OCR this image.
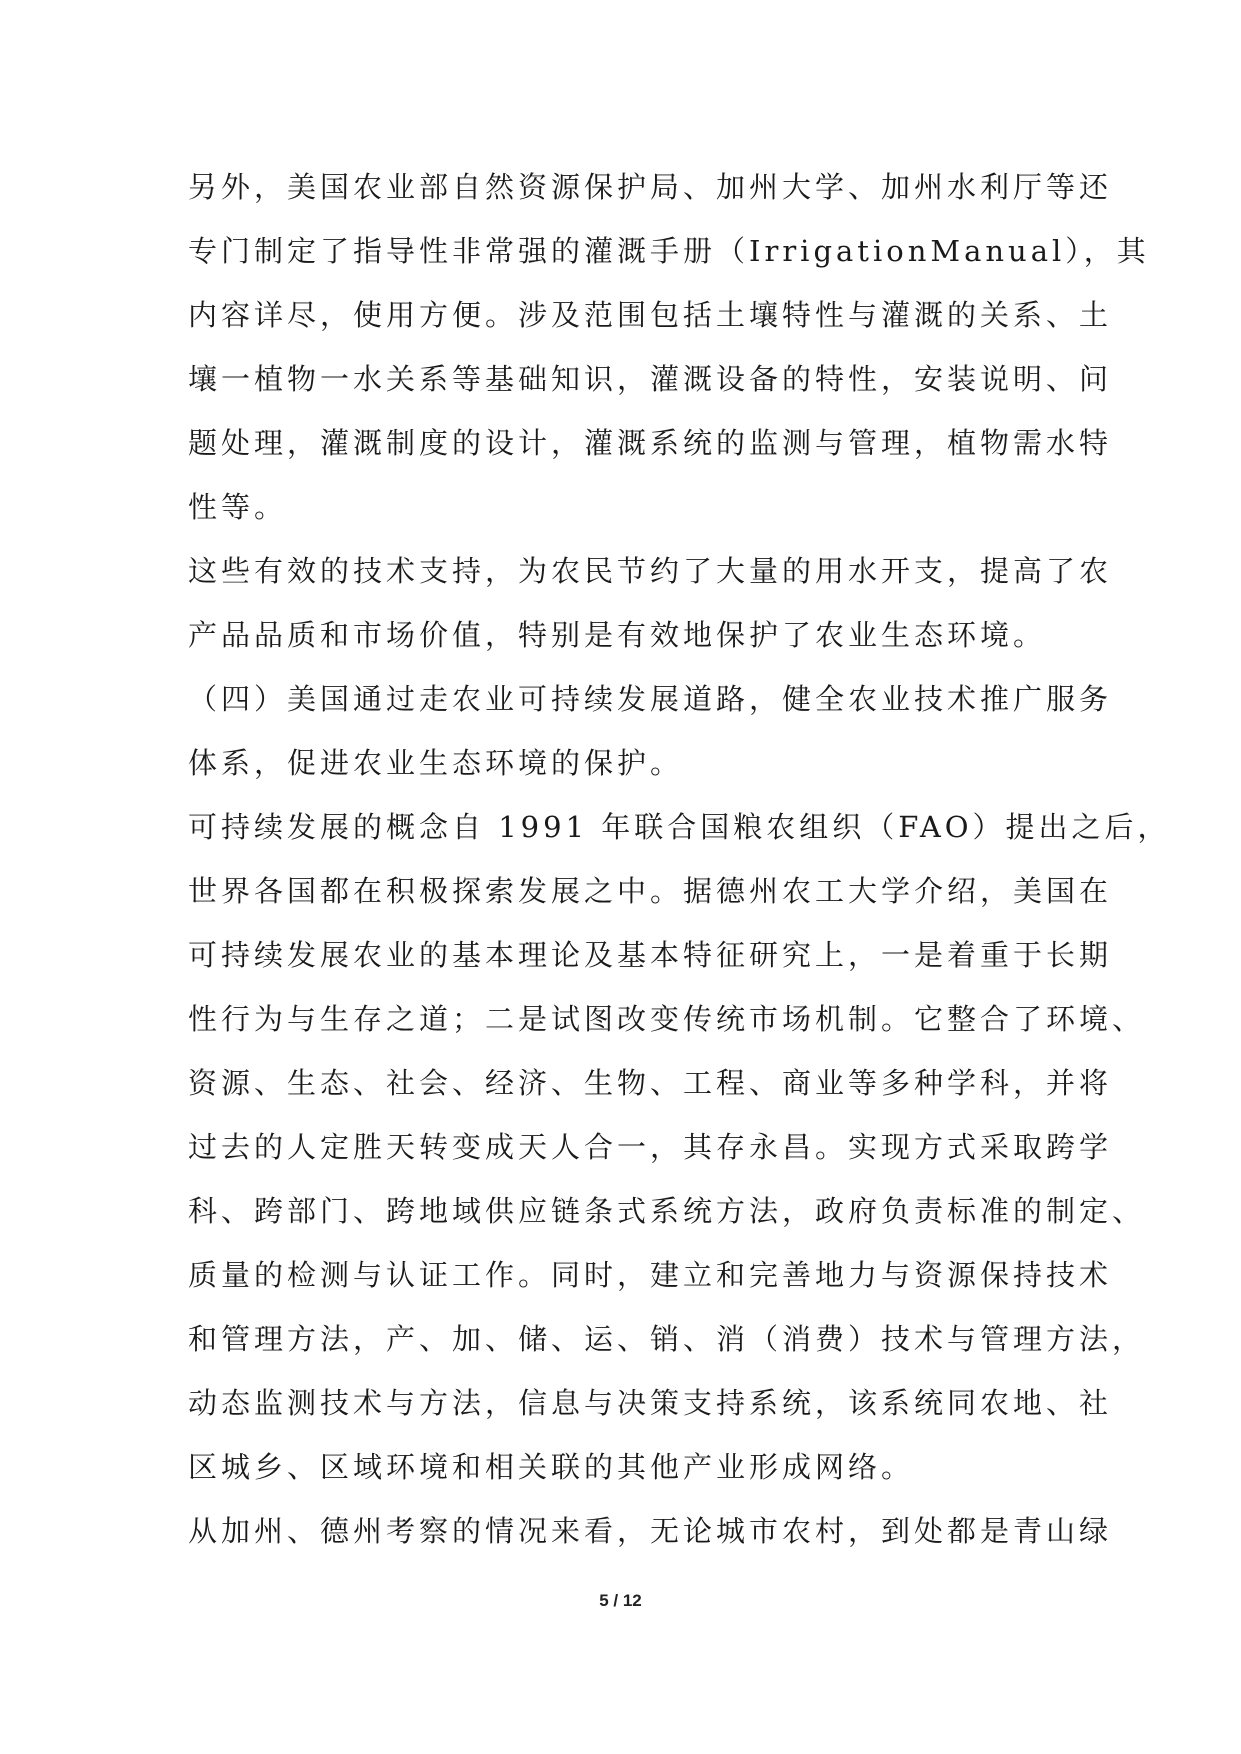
另外，美国农业部自然资源保护局、加州大学、加州水利厅等还
专门制定了指导性非常强的灌溉手册（IrrigationManual），其
内容详尽，使用方便。涉及范围包括土壤特性与灌溉的关系、土
壤一植物一水关系等基础知识，灌溉设备的特性，安装说明、问
题处理，灌溉制度的设计，灌溉系统的监测与管理，植物需水特
性等。
这些有效的技术支持，为农民节约了大量的用水开支，提高了农
产品品质和市场价值，特别是有效地保护了农业生态环境。
（四）美国通过走农业可持续发展道路，健全农业技术推广服务
体系，促进农业生态环境的保护。
可持续发展的概念自 1991 年联合国粮农组织（FAO）提出之后，
世界各国都在积极探索发展之中。据德州农工大学介绍，美国在
可持续发展农业的基本理论及基本特征研究上，一是着重于长期
性行为与生存之道；二是试图改变传统市场机制。它整合了环境、
资源、生态、社会、经济、生物、工程、商业等多种学科，并将
过去的人定胜天转变成天人合一，其存永昌。实现方式采取跨学
科、跨部门、跨地域供应链条式系统方法，政府负责标准的制定、
质量的检测与认证工作。同时，建立和完善地力与资源保持技术
和管理方法，产、加、储、运、销、消（消费）技术与管理方法，
动态监测技术与方法，信息与决策支持系统，该系统同农地、社
区城乡、区域环境和相关联的其他产业形成网络。
从加州、德州考察的情况来看，无论城市农村，到处都是青山绿
5 / 12
